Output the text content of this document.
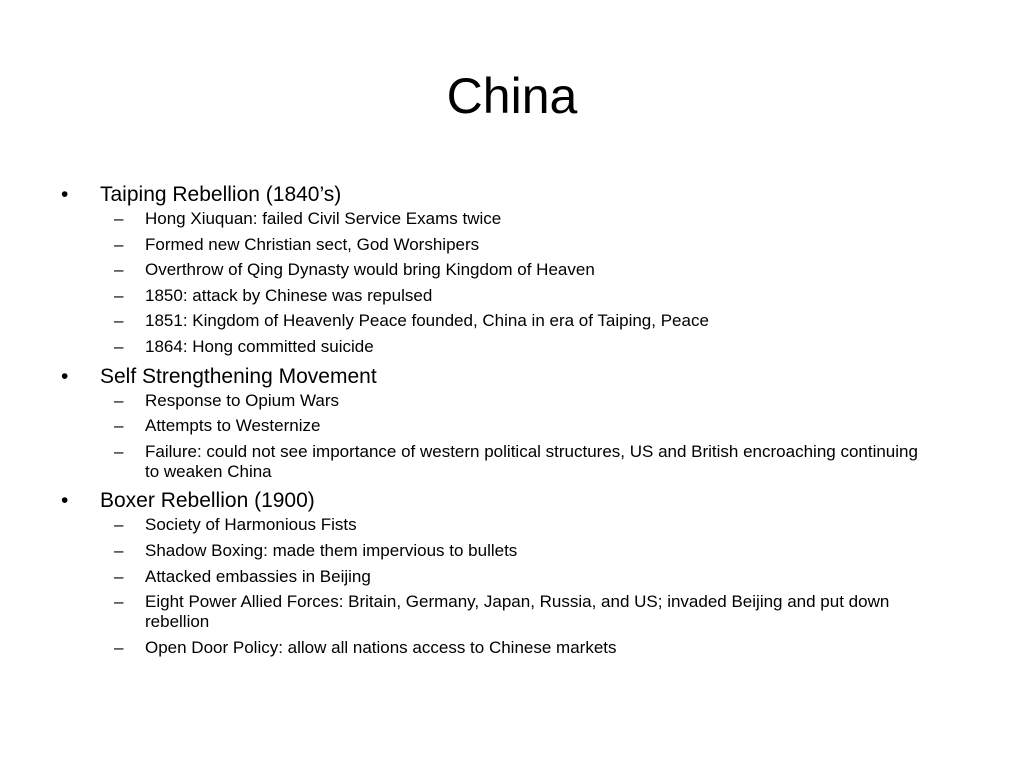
China
•	Taiping Rebellion (1840’s)
–	Hong Xiuquan: failed Civil Service Exams twice
–	Formed new Christian sect, God Worshipers
–	Overthrow of Qing Dynasty would bring Kingdom of Heaven
–	1850: attack by Chinese was repulsed
–	1851: Kingdom of Heavenly Peace founded, China in era of Taiping, Peace
–	1864: Hong committed suicide
•	Self Strengthening Movement
–	Response to Opium Wars
–	Attempts to Westernize
–	Failure: could not see importance of western political structures, US and British encroaching continuing to weaken China
•	Boxer Rebellion (1900)
–	Society of Harmonious Fists
–	Shadow Boxing: made them impervious to bullets
–	Attacked embassies in Beijing
–	Eight Power Allied Forces: Britain, Germany, Japan, Russia, and US; invaded Beijing and put down rebellion
–	Open Door Policy: allow all nations access to Chinese markets
